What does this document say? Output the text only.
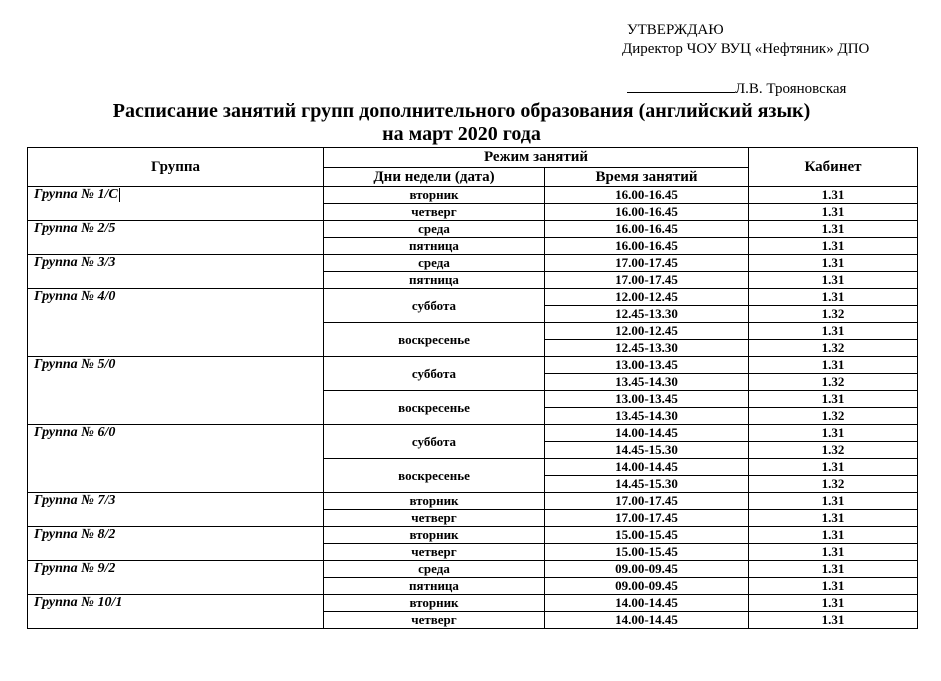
УТВЕРЖДАЮ
Директор ЧОУ ВУЦ «Нефтяник» ДПО
Л.В. Трояновская
Расписание занятий групп дополнительного образования (английский язык)
на март 2020 года
Группа	Режим занятий		Кабинет
	Дни недели (дата)	Время занятий	
Группа № 1/С	вторник	16.00-16.45	1.31
	четверг	16.00-16.45	1.31
Группа № 2/5	среда	16.00-16.45	1.31
	пятница	16.00-16.45	1.31
Группа № 3/3	среда	17.00-17.45	1.31
	пятница	17.00-17.45	1.31
Группа № 4/0	суббота	12.00-12.45	1.31
		12.45-13.30	1.32
	воскресенье	12.00-12.45	1.31
		12.45-13.30	1.32
Группа № 5/0	суббота	13.00-13.45	1.31
		13.45-14.30	1.32
	воскресенье	13.00-13.45	1.31
		13.45-14.30	1.32
Группа № 6/0	суббота	14.00-14.45	1.31
		14.45-15.30	1.32
	воскресенье	14.00-14.45	1.31
		14.45-15.30	1.32
Группа № 7/3	вторник	17.00-17.45	1.31
	четверг	17.00-17.45	1.31
Группа № 8/2	вторник	15.00-15.45	1.31
	четверг	15.00-15.45	1.31
Группа № 9/2	среда	09.00-09.45	1.31
	пятница	09.00-09.45	1.31
Группа № 10/1	вторник	14.00-14.45	1.31
	четверг	14.00-14.45	1.31
